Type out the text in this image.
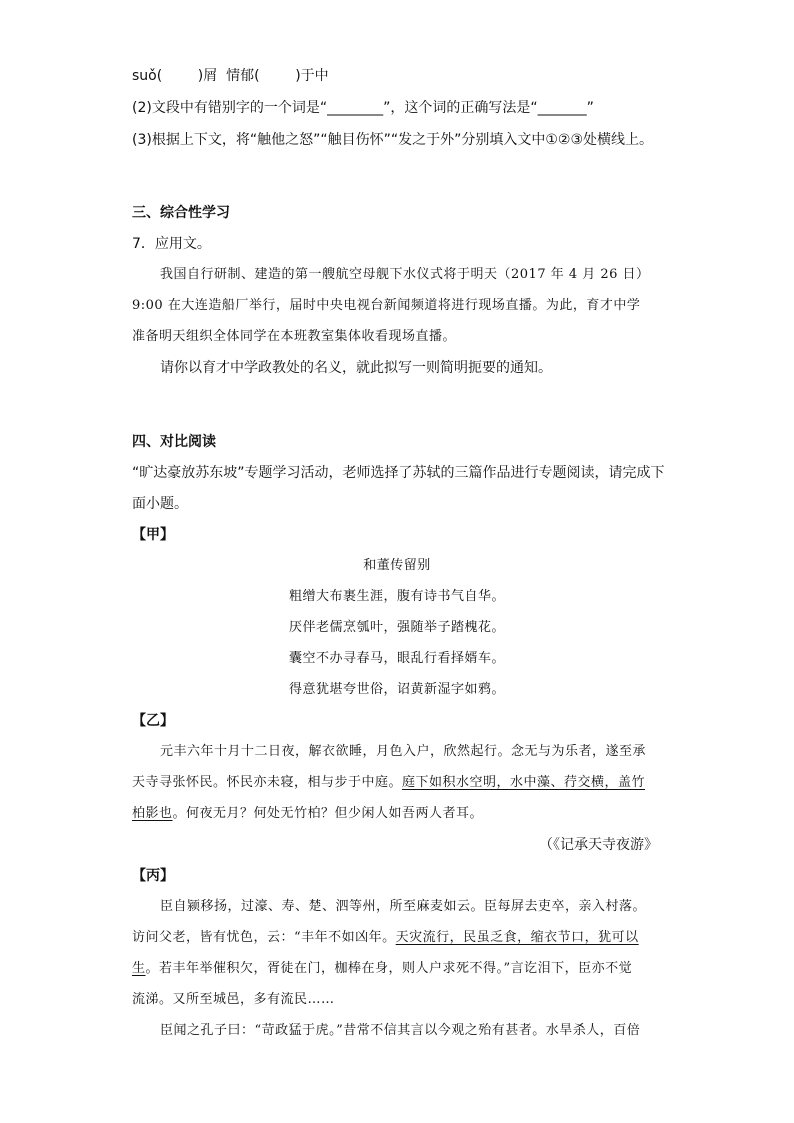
suǒ(        )屑  情郁(        )于中
(2)文段中有错别字的一个词是“________”，这个词的正确写法是“_______”
(3)根据上下文，将“触他之怒”“触目伤怀”“发之于外”分别填入文中①②③处横线上。
三、综合性学习
7．应用文。
我国自行研制、建造的第一艘航空母舰下水仪式将于明天（2017 年 4 月 26 日）
9:00 在大连造船厂举行，届时中央电视台新闻频道将进行现场直播。为此，育才中学
准备明天组织全体同学在本班教室集体收看现场直播。
请你以育才中学政教处的名义，就此拟写一则简明扼要的通知。
四、对比阅读
“旷达豪放苏东坡”专题学习活动，老师选择了苏轼的三篇作品进行专题阅读，请完成下
面小题。
【甲】
和董传留别
粗缯大布裹生涯，腹有诗书气自华。
厌伴老儒烹瓠叶，强随举子踏槐花。
囊空不办寻春马，眼乱行看择婿车。
得意犹堪夸世俗，诏黄新湿字如鸦。
【乙】
元丰六年十月十二日夜，解衣欲睡，月色入户，欣然起行。念无与为乐者，遂至承
天寺寻张怀民。怀民亦未寝，相与步于中庭。庭下如积水空明，水中藻、荇交横，盖竹
柏影也。何夜无月？何处无竹柏？但少闲人如吾两人者耳。
（《记承天寺夜游》
【丙】
臣自颍移扬，过濠、寿、楚、泗等州，所至麻麦如云。臣每屏去吏卒，亲入村落。
访问父老，皆有忧色，云：“丰年不如凶年。天灾流行，民虽乏食，缩衣节口，犹可以
生。若丰年举催积欠，胥徒在门，枷棒在身，则人户求死不得。”言讫泪下，臣亦不觉
流涕。又所至城邑，多有流民……
臣闻之孔子曰：“苛政猛于虎。”昔常不信其言以今观之殆有甚者。水旱杀人，百倍
